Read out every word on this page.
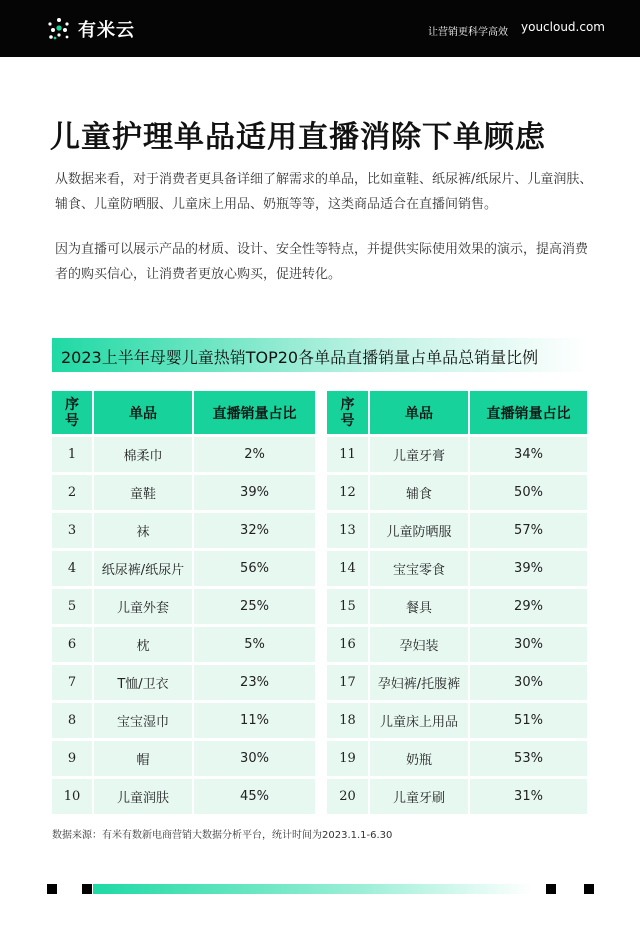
有米云	让营销更科学高效 youcloud.com
儿童护理单品适用直播消除下单顾虑

从数据来看，对于消费者更具备详细了解需求的单品，比如童鞋、纸尿裤/纸尿片、儿童润肤、辅食、儿童防晒服、儿童床上用品、奶瓶等等，这类商品适合在直播间销售。

因为直播可以展示产品的材质、设计、安全性等特点，并提供实际使用效果的演示，提高消费者的购买信心，让消费者更放心购买，促进转化。

2023上半年母婴儿童热销TOP20各单品直播销量占单品总销量比例
序号	单品	直播销量占比
1	棉柔巾	2%
2	童鞋	39%
3	袜	32%
4	纸尿裤/纸尿片	56%
5	儿童外套	25%
6	枕	5%
7	T恤/卫衣	23%
8	宝宝湿巾	11%
9	帽	30%
10	儿童润肤	45%
序号	单品	直播销量占比
11	儿童牙膏	34%
12	辅食	50%
13	儿童防晒服	57%
14	宝宝零食	39%
15	餐具	29%
16	孕妇装	30%
17	孕妇裤/托腹裤	30%
18	儿童床上用品	51%
19	奶瓶	53%
20	儿童牙刷	31%
数据来源：有米有数新电商营销大数据分析平台，统计时间为2023.1.1-6.30
